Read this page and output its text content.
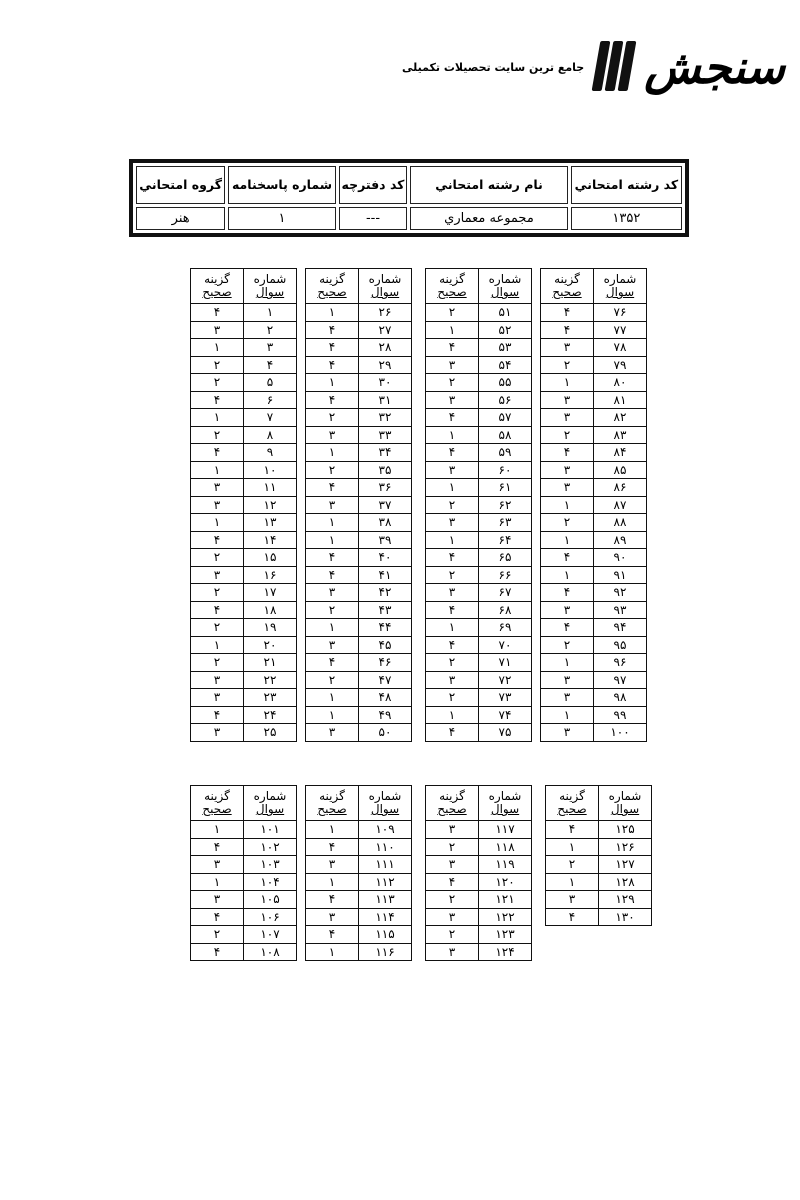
جامع ترین سایت تحصیلات تکمیلی سنجش
گروه امتحاني	شماره پاسخنامه	کد دفترچه	نام رشته امتحاني	کد رشته امتحاني
هنر	۱	---	مجموعه معماري	۱۳۵۲
شماره
سوال	گزینه
صحیح

۱	۴
۲	۳
۳	۱
۴	۲
۵	۲
۶	۴
۷	۱
۸	۲
۹	۴
۱۰	۱
۱۱	۳
۱۲	۳
۱۳	۱
۱۴	۴
۱۵	۲
۱۶	۳
۱۷	۲
۱۸	۴
۱۹	۲
۲۰	۱
۲۱	۲
۲۲	۳
۲۳	۳
۲۴	۴
۲۵	۳
شماره
سوال	گزینه
صحیح

۲۶	۱
۲۷	۴
۲۸	۴
۲۹	۴
۳۰	۱
۳۱	۴
۳۲	۲
۳۳	۳
۳۴	۱
۳۵	۲
۳۶	۴
۳۷	۳
۳۸	۱
۳۹	۱
۴۰	۴
۴۱	۴
۴۲	۳
۴۳	۲
۴۴	۱
۴۵	۳
۴۶	۴
۴۷	۲
۴۸	۱
۴۹	۱
۵۰	۳
شماره
سوال	گزینه
صحیح

۵۱	۲
۵۲	۱
۵۳	۴
۵۴	۳
۵۵	۲
۵۶	۳
۵۷	۴
۵۸	۱
۵۹	۴
۶۰	۳
۶۱	۱
۶۲	۲
۶۳	۳
۶۴	۱
۶۵	۴
۶۶	۲
۶۷	۳
۶۸	۴
۶۹	۱
۷۰	۴
۷۱	۲
۷۲	۳
۷۳	۲
۷۴	۱
۷۵	۴
شماره
سوال	گزینه
صحیح

۷۶	۴
۷۷	۴
۷۸	۳
۷۹	۲
۸۰	۱
۸۱	۳
۸۲	۳
۸۳	۲
۸۴	۴
۸۵	۳
۸۶	۳
۸۷	۱
۸۸	۲
۸۹	۱
۹۰	۴
۹۱	۱
۹۲	۴
۹۳	۳
۹۴	۴
۹۵	۲
۹۶	۱
۹۷	۳
۹۸	۳
۹۹	۱
۱۰۰	۳
شماره
سوال	گزینه
صحیح

۱۰۱	۱
۱۰۲	۴
۱۰۳	۳
۱۰۴	۱
۱۰۵	۳
۱۰۶	۴
۱۰۷	۲
۱۰۸	۴
شماره
سوال	گزینه
صحیح

۱۰۹	۱
۱۱۰	۴
۱۱۱	۳
۱۱۲	۱
۱۱۳	۴
۱۱۴	۳
۱۱۵	۴
۱۱۶	۱
شماره
سوال	گزینه
صحیح

۱۱۷	۳
۱۱۸	۲
۱۱۹	۳
۱۲۰	۴
۱۲۱	۲
۱۲۲	۳
۱۲۳	۲
۱۲۴	۳
شماره
سوال	گزینه
صحیح

۱۲۵	۴
۱۲۶	۱
۱۲۷	۲
۱۲۸	۱
۱۲۹	۳
۱۳۰	۴
